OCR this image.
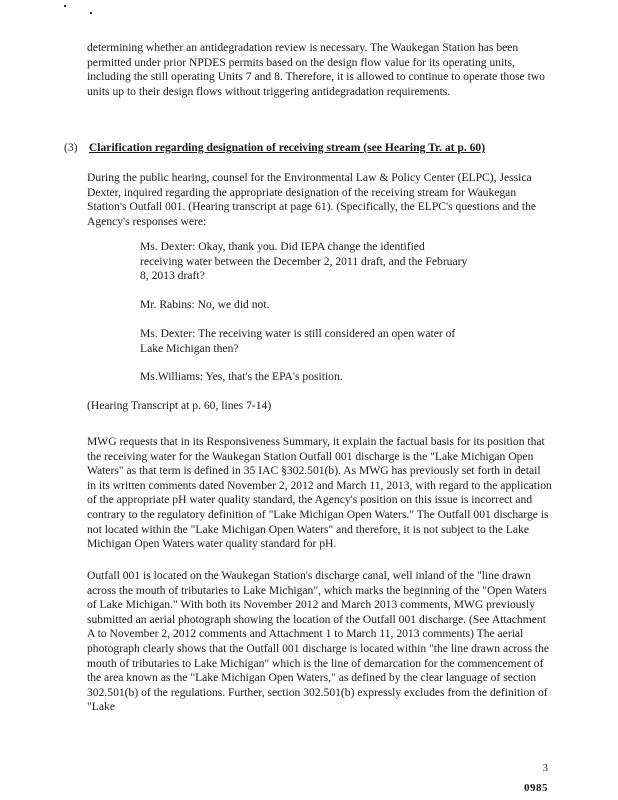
determining whether an antidegradation review is necessary. The Waukegan Station has been permitted under prior NPDES permits based on the design flow value for its operating units, including the still operating Units 7 and 8. Therefore, it is allowed to continue to operate those two units up to their design flows without triggering antidegradation requirements.

(3) Clarification regarding designation of receiving stream (see Hearing Tr. at p. 60)

During the public hearing, counsel for the Environmental Law & Policy Center (ELPC), Jessica Dexter, inquired regarding the appropriate designation of the receiving stream for Waukegan Station's Outfall 001. (Hearing transcript at page 61). (Specifically, the ELPC's questions and the Agency's responses were:

Ms. Dexter: Okay, thank you. Did IEPA change the identified receiving water between the December 2, 2011 draft, and the February 8, 2013 draft?

Mr. Rabins: No, we did not.

Ms. Dexter: The receiving water is still considered an open water of Lake Michigan then?

Ms.Williams: Yes, that's the EPA's position.

(Hearing Transcript at p. 60, lines 7-14)

MWG requests that in its Responsiveness Summary, it explain the factual basis for its position that the receiving water for the Waukegan Station Outfall 001 discharge is the "Lake Michigan Open Waters" as that term is defined in 35 IAC §302.501(b). As MWG has previously set forth in detail in its written comments dated November 2, 2012 and March 11, 2013, with regard to the application of the appropriate pH water quality standard, the Agency's position on this issue is incorrect and contrary to the regulatory definition of "Lake Michigan Open Waters." The Outfall 001 discharge is not located within the "Lake Michigan Open Waters" and therefore, it is not subject to the Lake Michigan Open Waters water quality standard for pH.

Outfall 001 is located on the Waukegan Station's discharge canal, well inland of the "line drawn across the mouth of tributaries to Lake Michigan", which marks the beginning of the "Open Waters of Lake Michigan." With both its November 2012 and March 2013 comments, MWG previously submitted an aerial photograph showing the location of the Outfall 001 discharge. (See Attachment A to November 2, 2012 comments and Attachment 1 to March 11, 2013 comments) The aerial photograph clearly shows that the Outfall 001 discharge is located within "the line drawn across the mouth of tributaries to Lake Michigan" which is the line of demarcation for the commencement of the area known as the "Lake Michigan Open Waters," as defined by the clear language of section 302.501(b) of the regulations. Further, section 302.501(b) expressly excludes from the definition of "Lake

3
0985
